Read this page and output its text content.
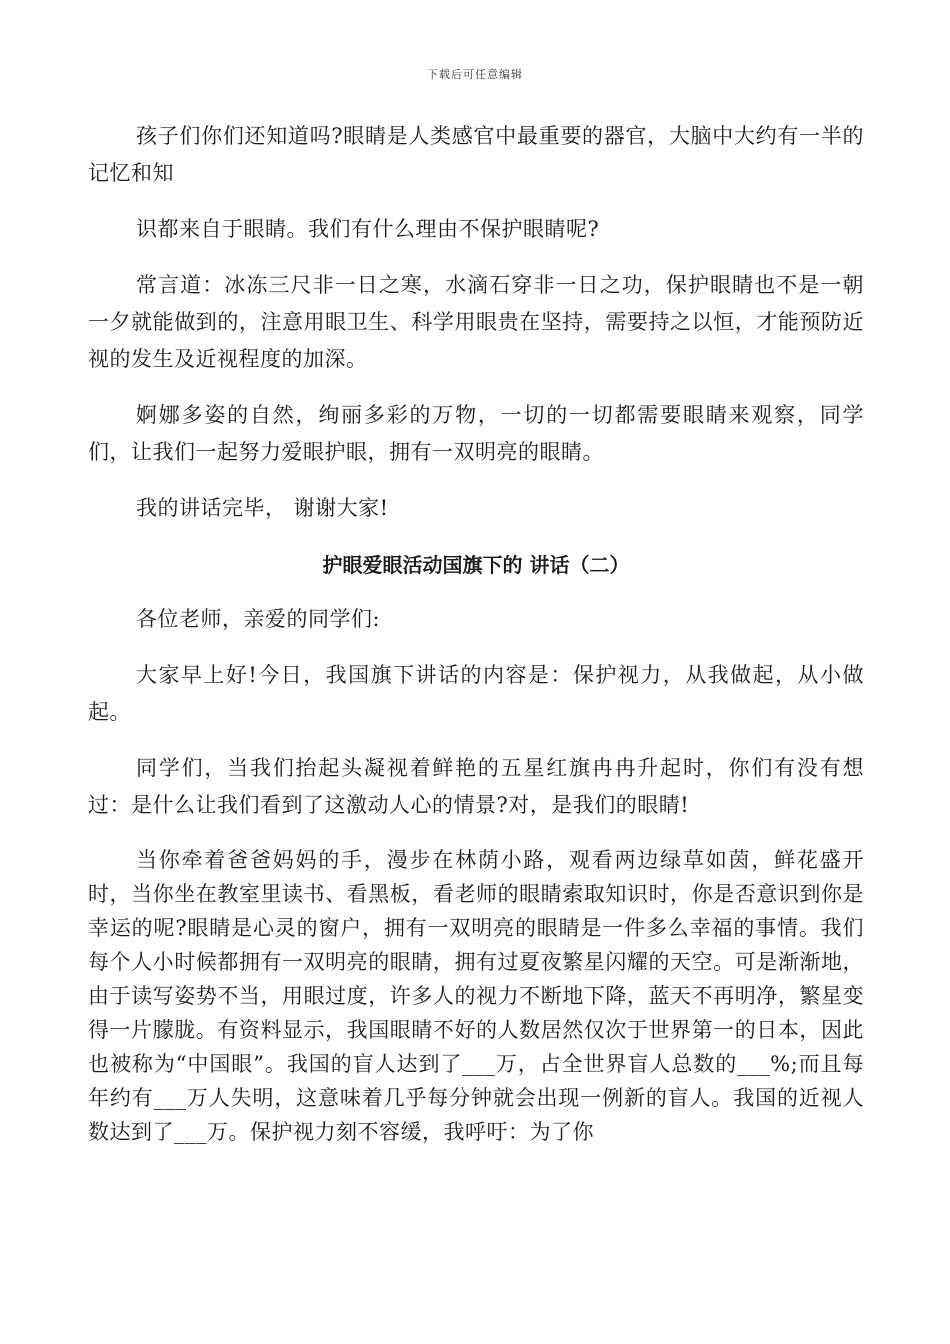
下载后可任意编辑

孩子们你们还知道吗?眼睛是人类感官中最重要的器官，大脑中大约有一半的记忆和知

识都来自于眼睛。我们有什么理由不保护眼睛呢?

常言道：冰冻三尺非一日之寒，水滴石穿非一日之功，保护眼睛也不是一朝一夕就能做到的，注意用眼卫生、科学用眼贵在坚持，需要持之以恒，才能预防近视的发生及近视程度的加深。

婀娜多姿的自然，绚丽多彩的万物，一切的一切都需要眼睛来观察，同学们，让我们一起努力爱眼护眼，拥有一双明亮的眼睛。

我的讲话完毕， 谢谢大家!

护眼爱眼活动国旗下的 讲话（二）

各位老师，亲爱的同学们:

大家早上好!今日，我国旗下讲话的内容是：保护视力，从我做起，从小做起。

同学们，当我们抬起头凝视着鲜艳的五星红旗冉冉升起时，你们有没有想过：是什么让我们看到了这激动人心的情景?对，是我们的眼睛!

当你牵着爸爸妈妈的手，漫步在林荫小路，观看两边绿草如茵，鲜花盛开时，当你坐在教室里读书、看黑板，看老师的眼睛索取知识时，你是否意识到你是幸运的呢?眼睛是心灵的窗户，拥有一双明亮的眼睛是一件多么幸福的事情。我们每个人小时候都拥有一双明亮的眼睛，拥有过夏夜繁星闪耀的天空。可是渐渐地，由于读写姿势不当，用眼过度，许多人的视力不断地下降，蓝天不再明净，繁星变得一片朦胧。有资料显示，我国眼睛不好的人数居然仅次于世界第一的日本，因此也被称为“中国眼”。我国的盲人达到了___万，占全世界盲人总数的___%;而且每年约有___万人失明，这意味着几乎每分钟就会出现一例新的盲人。我国的近视人数达到了___万。保护视力刻不容缓，我呼吁：为了你
